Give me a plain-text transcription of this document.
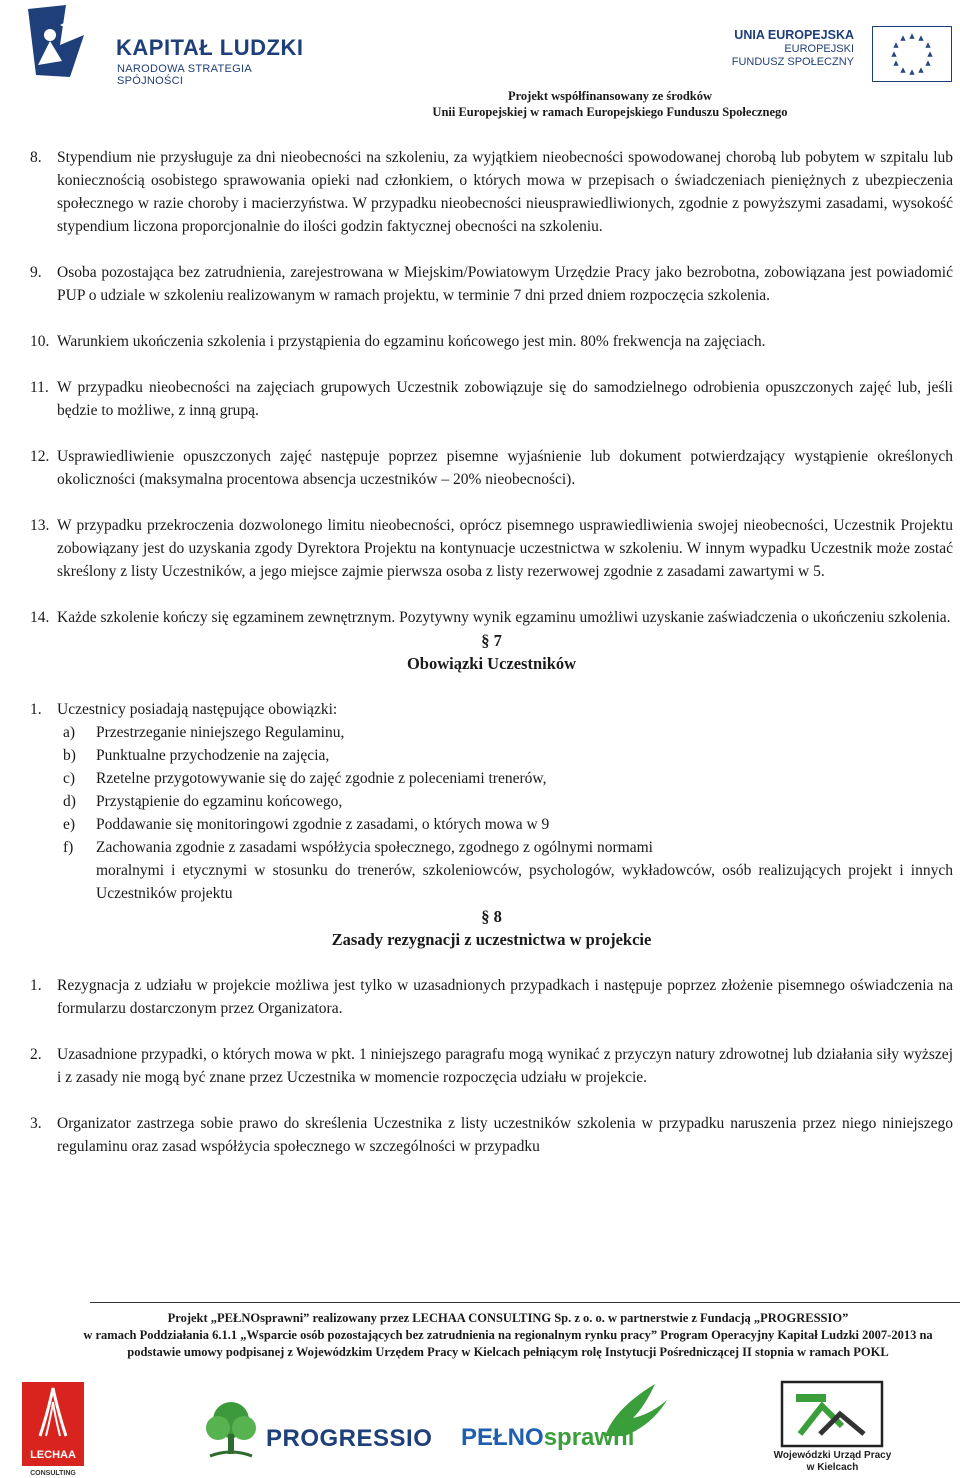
KAPITAŁ LUDZKI
NARODOWA STRATEGIA SPÓJNOŚCI
UNIA EUROPEJSKA
EUROPEJSKI
FUNDUSZ SPOŁECZNY
Projekt współfinansowany ze środków
Unii Europejskiej w ramach Europejskiego Funduszu Społecznego
8. Stypendium nie przysługuje za dni nieobecności na szkoleniu, za wyjątkiem nieobecności spowodowanej chorobą lub pobytem w szpitalu lub koniecznością osobistego sprawowania opieki nad członkiem, o których mowa w przepisach o świadczeniach pieniężnych z ubezpieczenia społecznego w razie choroby i macierzyństwa. W przypadku nieobecności nieusprawiedliwionych, zgodnie z powyższymi zasadami, wysokość stypendium liczona proporcjonalnie do ilości godzin faktycznej obecności na szkoleniu.
9. Osoba pozostająca bez zatrudnienia, zarejestrowana w Miejskim/Powiatowym Urzędzie Pracy jako bezrobotna, zobowiązana jest powiadomić PUP o udziale w szkoleniu realizowanym w ramach projektu, w terminie 7 dni przed dniem rozpoczęcia szkolenia.
10. Warunkiem ukończenia szkolenia i przystąpienia do egzaminu końcowego jest min. 80% frekwencja na zajęciach.
11. W przypadku nieobecności na zajęciach grupowych Uczestnik zobowiązuje się do samodzielnego odrobienia opuszczonych zajęć lub, jeśli będzie to możliwe, z inną grupą.
12. Usprawiedliwienie opuszczonych zajęć następuje poprzez pisemne wyjaśnienie lub dokument potwierdzający wystąpienie określonych okoliczności (maksymalna procentowa absencja uczestników – 20% nieobecności).
13. W przypadku przekroczenia dozwolonego limitu nieobecności, oprócz pisemnego usprawiedliwienia swojej nieobecności, Uczestnik Projektu zobowiązany jest do uzyskania zgody Dyrektora Projektu na kontynuacje uczestnictwa w szkoleniu. W innym wypadku Uczestnik może zostać skreślony z listy Uczestników, a jego miejsce zajmie pierwsza osoba z listy rezerwowej zgodnie z zasadami zawartymi w 5.
14. Każde szkolenie kończy się egzaminem zewnętrznym. Pozytywny wynik egzaminu umożliwi uzyskanie zaświadczenia o ukończeniu szkolenia.
§ 7
Obowiązki Uczestników
1. Uczestnicy posiadają następujące obowiązki:
a) Przestrzeganie niniejszego Regulaminu,
b) Punktualne przychodzenie na zajęcia,
c) Rzetelne przygotowywanie się do zajęć zgodnie z poleceniami trenerów,
d) Przystąpienie do egzaminu końcowego,
e) Poddawanie się monitoringowi zgodnie z zasadami, o których mowa w 9
f) Zachowania zgodnie z zasadami współżycia społecznego, zgodnego z ogólnymi normami
moralnymi i etycznymi w stosunku do trenerów, szkoleniowców, psychologów, wykładowców, osób realizujących projekt i innych Uczestników projektu
§ 8
Zasady rezygnacji z uczestnictwa w projekcie
1. Rezygnacja z udziału w projekcie możliwa jest tylko w uzasadnionych przypadkach i następuje poprzez złożenie pisemnego oświadczenia na formularzu dostarczonym przez Organizatora.
2. Uzasadnione przypadki, o których mowa w pkt. 1 niniejszego paragrafu mogą wynikać z przyczyn natury zdrowotnej lub działania siły wyższej i z zasady nie mogą być znane przez Uczestnika w momencie rozpoczęcia udziału w projekcie.
3. Organizator zastrzega sobie prawo do skreślenia Uczestnika z listy uczestników szkolenia w przypadku naruszenia przez niego niniejszego regulaminu oraz zasad współżycia społecznego w szczególności w przypadku
Projekt „PEŁNOsprawni” realizowany przez LECHAA CONSULTING Sp. z o. o. w partnerstwie z Fundacją „PROGRESSIO”
w ramach Poddziałania 6.1.1 „Wsparcie osób pozostających bez zatrudnienia na regionalnym rynku pracy” Program Operacyjny Kapitał Ludzki 2007-2013 na podstawie umowy podpisanej z Wojewódzkim Urzędem Pracy w Kielcach pełniącym rolę Instytucji Pośredniczącej II stopnia w ramach POKL
LECHAA
CONSULTING
PROGRESSIO PEŁNOsprawni
Wojewódzki Urząd Pracy
w Kielcach
